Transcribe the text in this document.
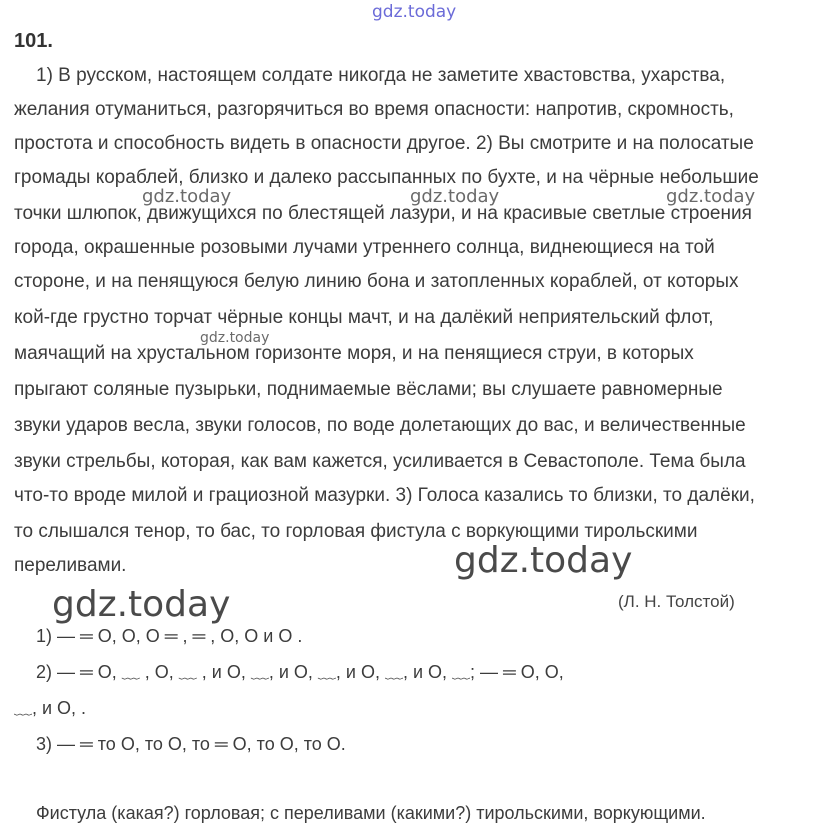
gdz.today
gdz.today	gdz.today	gdz.today
gdz.today
gdz.today
gdz.today
101.
1) В русском, настоящем солдате никогда не заметите хвастовства, ухарства,
желания отуманиться, разгорячиться во время опасности: напротив, скромность,
простота и способность видеть в опасности другое. 2) Вы смотрите и на полосатые
громады кораблей, близко и далеко рассыпанных по бухте, и на чёрные небольшие
точки шлюпок, движущихся по блестящей лазури, и на красивые светлые строения
города, окрашенные розовыми лучами утреннего солнца, виднеющиеся на той
стороне, и на пенящуюся белую линию бона и затопленных кораблей, от которых
кой-где грустно торчат чёрные концы мачт, и на далёкий неприятельский флот,
маячащий на хрустальном горизонте моря, и на пенящиеся струи, в которых
прыгают соляные пузырьки, поднимаемые вёслами; вы слушаете равномерные
звуки ударов весла, звуки голосов, по воде долетающих до вас, и величественные
звуки стрельбы, которая, как вам кажется, усиливается в Севастополе. Тема была
что-то вроде милой и грациозной мазурки. 3) Голоса казались то близки, то далёки,
то слышался тенор, то бас, то горловая фистула с воркующими тирольскими
переливами.
(Л. Н. Толстой)
1) — ═ О, О, О ═ , ═ , О, О и О .
2) — ═ О, ﹏ , О, ﹏ , и О, ﹏, и О, ﹏, и О, ﹏, и О, ﹏; — ═ О, О,
﹏, и О, .
3) — ═ то О, то О, то ═ О, то О, то О.
Фистула (какая?) горловая; с переливами (какими?) тирольскими, воркующими.
